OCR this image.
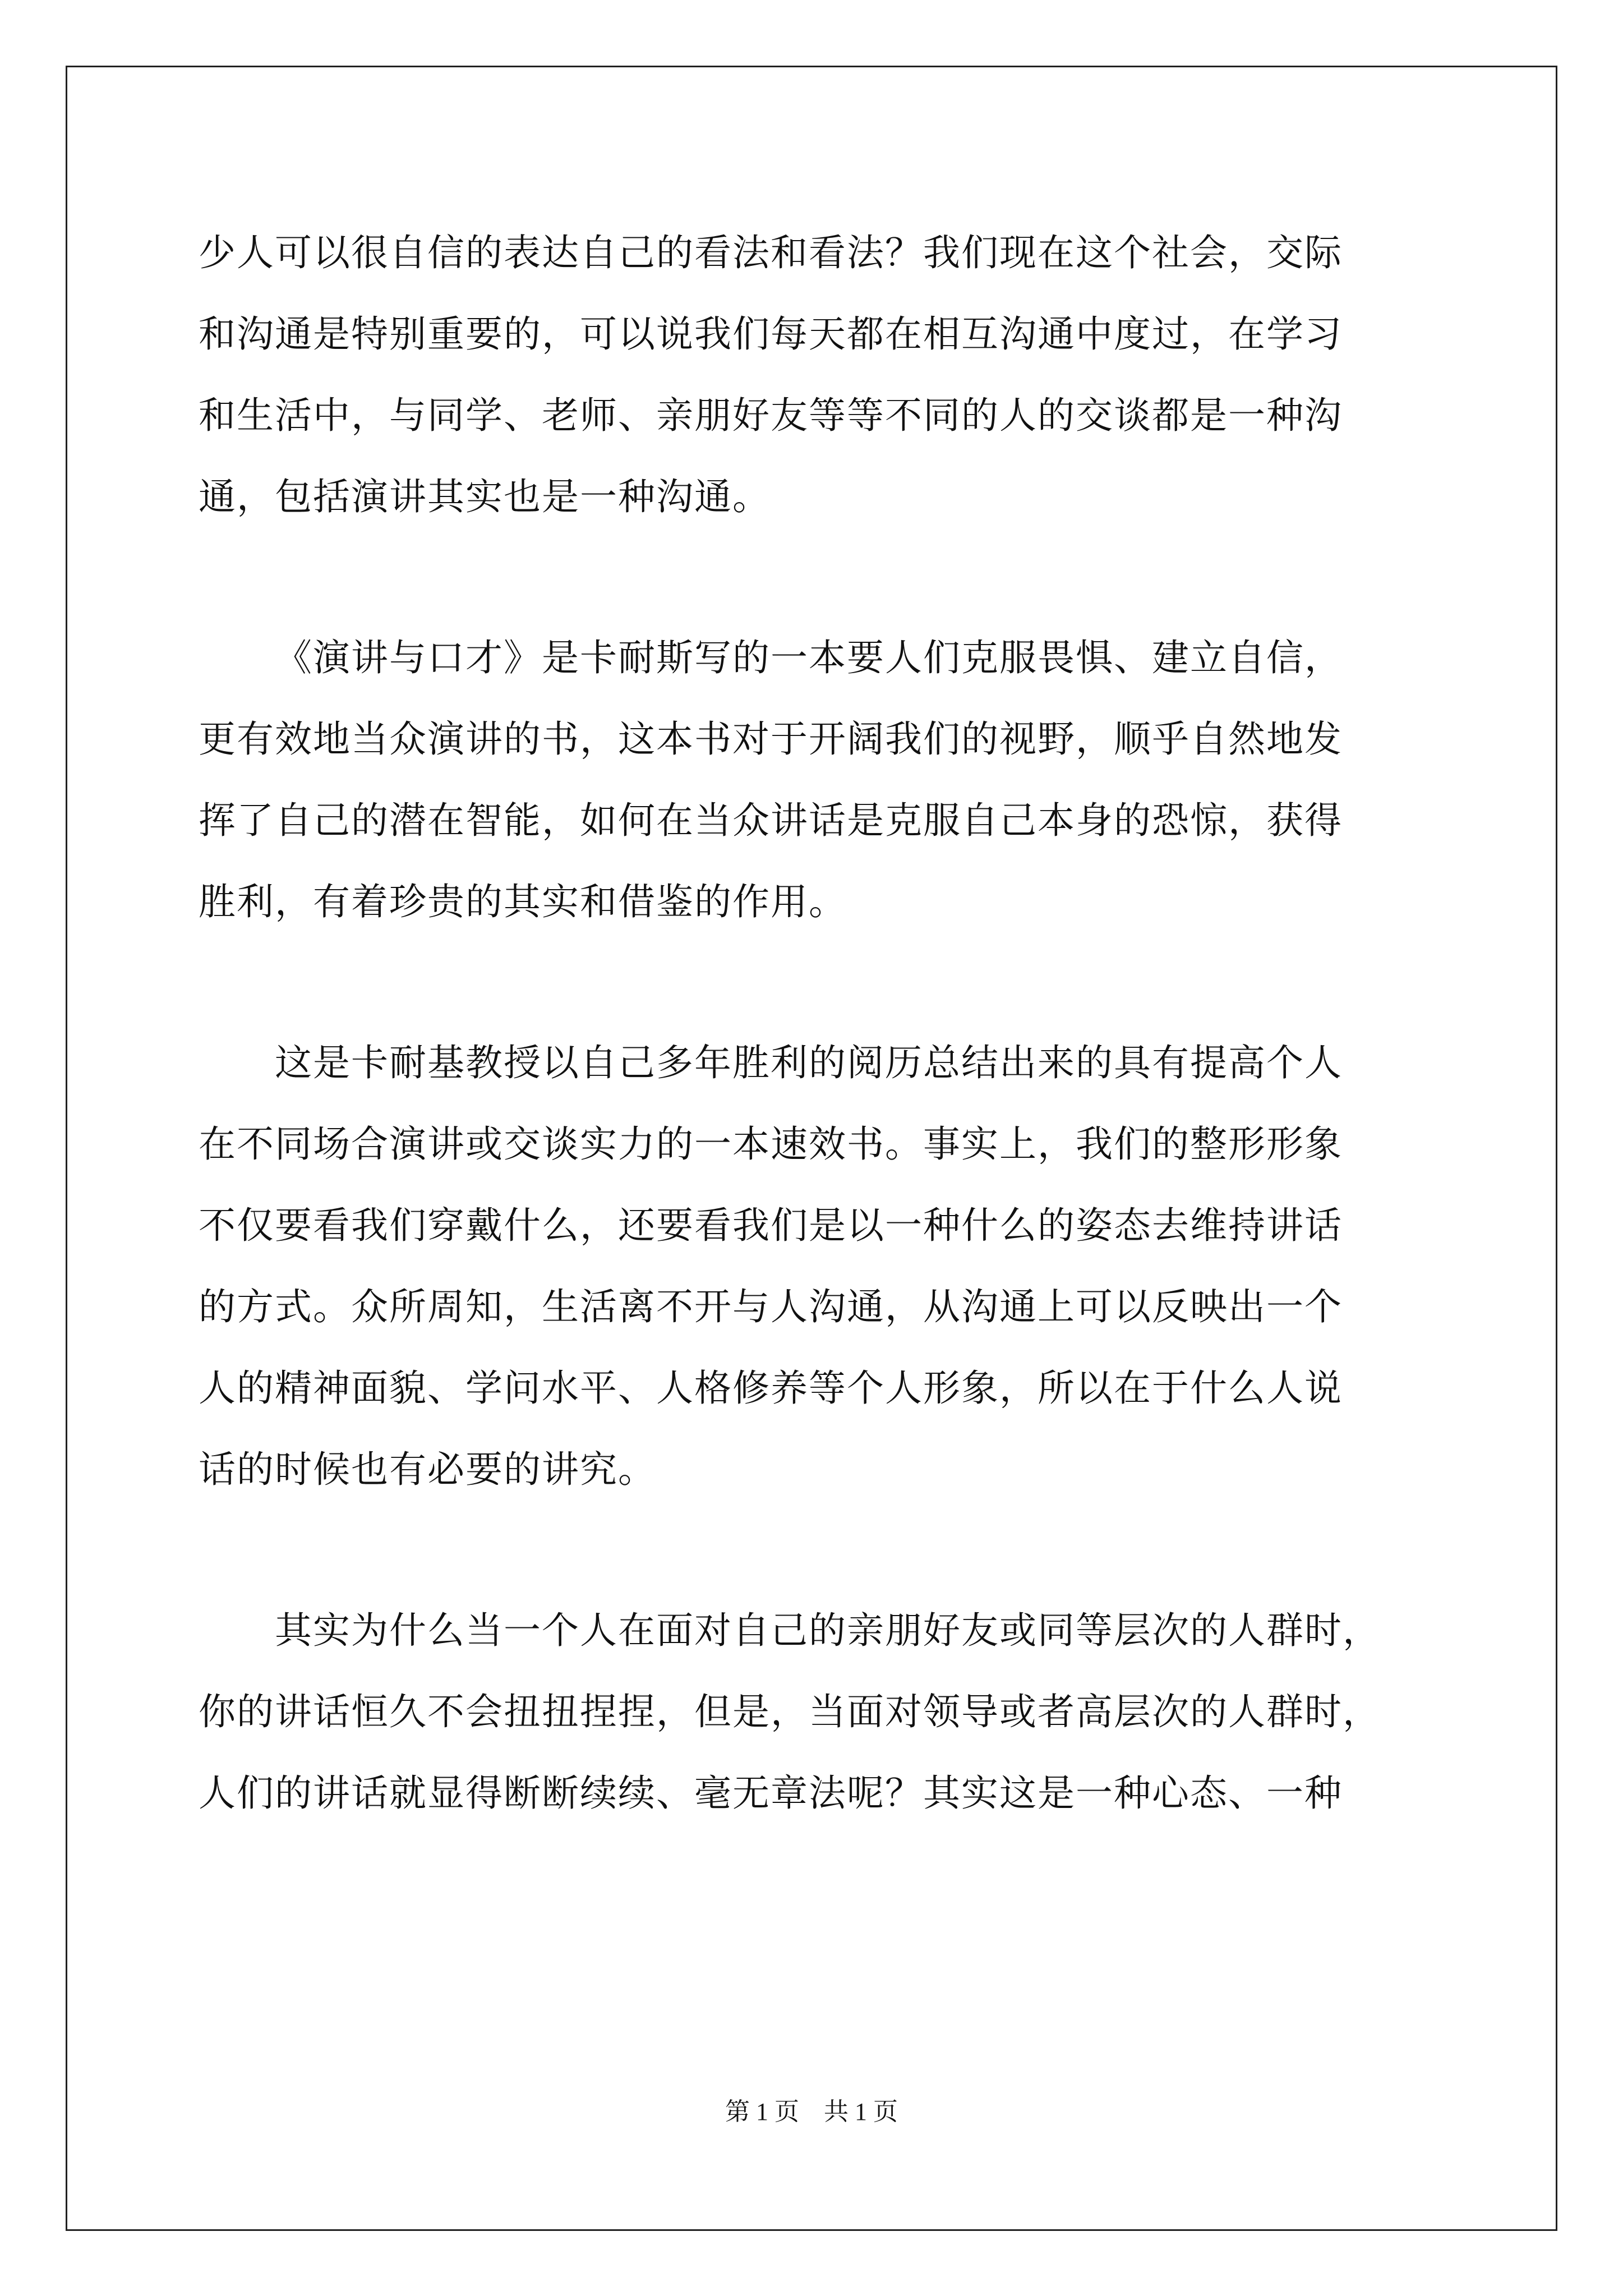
少人可以很自信的表达自己的看法和看法？我们现在这个社会，交际
和沟通是特别重要的，可以说我们每天都在相互沟通中度过，在学习
和生活中，与同学、老师、亲朋好友等等不同的人的交谈都是一种沟
通，包括演讲其实也是一种沟通。
《演讲与口才》是卡耐斯写的一本要人们克服畏惧、建立自信，
更有效地当众演讲的书，这本书对于开阔我们的视野，顺乎自然地发
挥了自己的潜在智能，如何在当众讲话是克服自己本身的恐惊，获得
胜利，有着珍贵的其实和借鉴的作用。
这是卡耐基教授以自己多年胜利的阅历总结出来的具有提高个人
在不同场合演讲或交谈实力的一本速效书。事实上，我们的整形形象
不仅要看我们穿戴什么，还要看我们是以一种什么的姿态去维持讲话
的方式。众所周知，生活离不开与人沟通，从沟通上可以反映出一个
人的精神面貌、学问水平、人格修养等个人形象，所以在于什么人说
话的时候也有必要的讲究。
其实为什么当一个人在面对自己的亲朋好友或同等层次的人群时，
你的讲话恒久不会扭扭捏捏，但是，当面对领导或者高层次的人群时，
人们的讲话就显得断断续续、毫无章法呢？其实这是一种心态、一种
第 1 页　共 1 页
